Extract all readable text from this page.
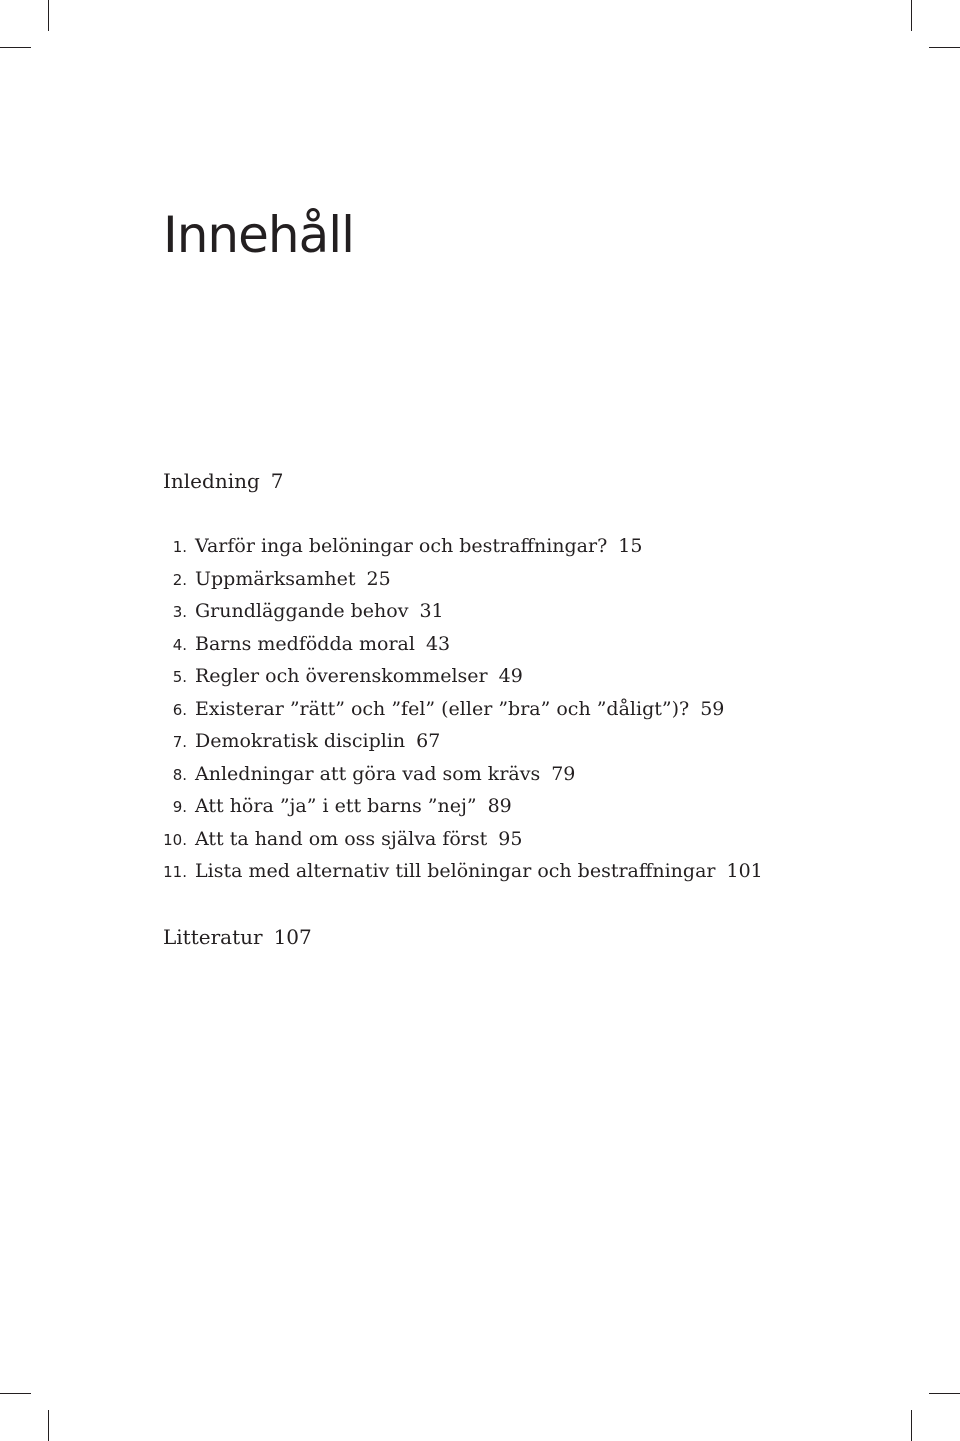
Innehåll
Inledning 7
1. Varför inga belöningar och bestraffningar? 15
2. Uppmärksamhet 25
3. Grundläggande behov 31
4. Barns medfödda moral 43
5. Regler och överenskommelser 49
6. Existerar ”rätt” och ”fel” (eller ”bra” och ”dåligt”)? 59
7. Demokratisk disciplin 67
8. Anledningar att göra vad som krävs 79
9. Att höra ”ja” i ett barns ”nej” 89
10. Att ta hand om oss själva först 95
11. Lista med alternativ till belöningar och bestraffningar 101
Litteratur 107
